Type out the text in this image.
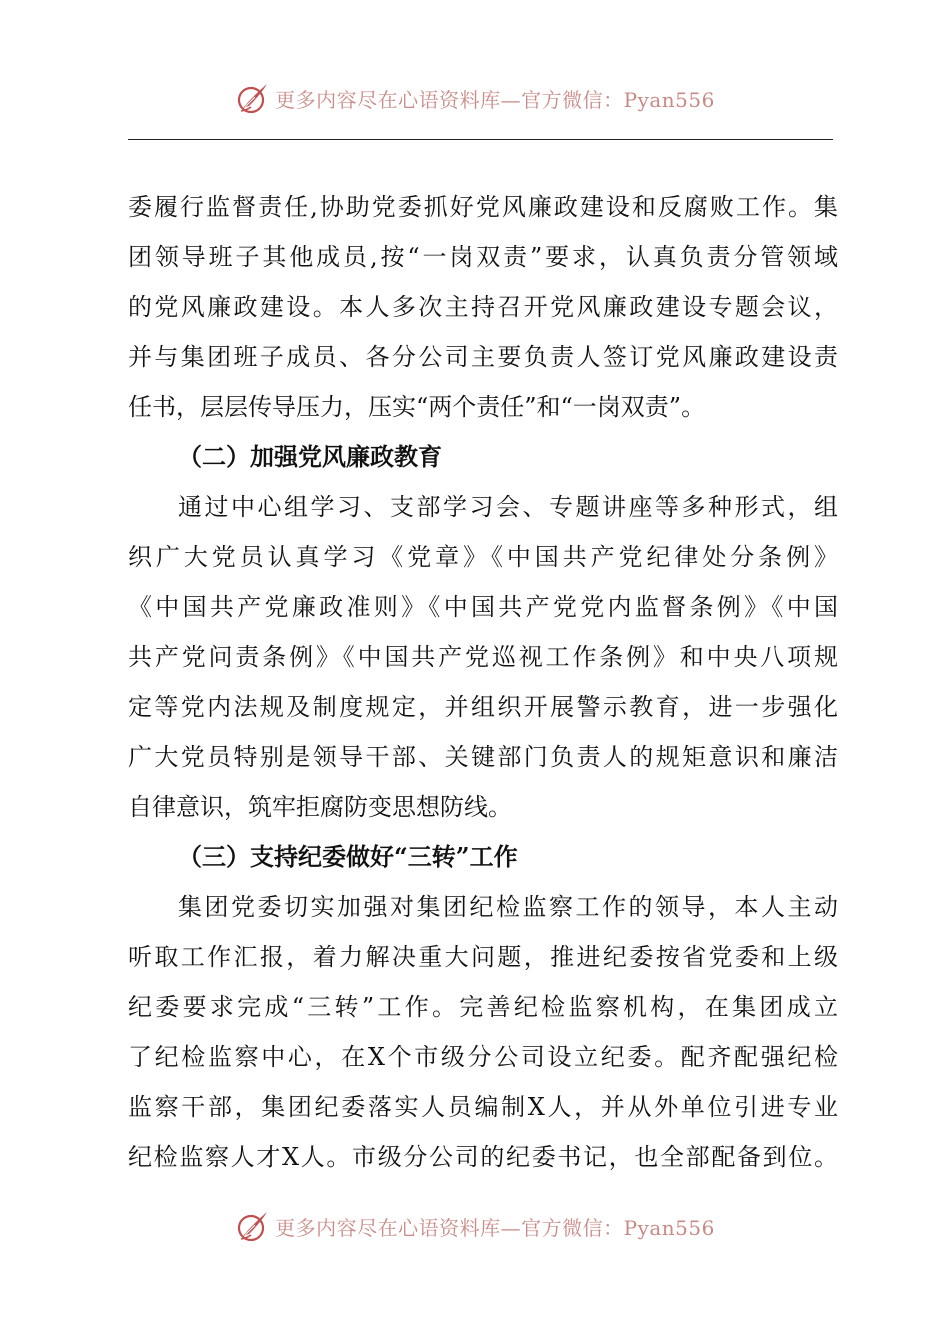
更多内容尽在心语资料库—官方微信：Pyan556
委履行监督责任,协助党委抓好党风廉政建设和反腐败工作。集
团领导班子其他成员,按“一岗双责”要求，认真负责分管领域
的党风廉政建设。本人多次主持召开党风廉政建设专题会议，
并与集团班子成员、各分公司主要负责人签订党风廉政建设责
任书，层层传导压力，压实“两个责任”和“一岗双责”。
（二）加强党风廉政教育
通过中心组学习、支部学习会、专题讲座等多种形式，组
织广大党员认真学习《党章》《中国共产党纪律处分条例》
《中国共产党廉政准则》《中国共产党党内监督条例》《中国
共产党问责条例》《中国共产党巡视工作条例》和中央八项规
定等党内法规及制度规定，并组织开展警示教育，进一步强化
广大党员特别是领导干部、关键部门负责人的规矩意识和廉洁
自律意识，筑牢拒腐防变思想防线。
（三）支持纪委做好“三转”工作
集团党委切实加强对集团纪检监察工作的领导，本人主动
听取工作汇报，着力解决重大问题，推进纪委按省党委和上级
纪委要求完成“三转”工作。完善纪检监察机构，在集团成立
了纪检监察中心，在X个市级分公司设立纪委。配齐配强纪检
监察干部，集团纪委落实人员编制X人，并从外单位引进专业
纪检监察人才X人。市级分公司的纪委书记，也全部配备到位。
更多内容尽在心语资料库—官方微信：Pyan556
